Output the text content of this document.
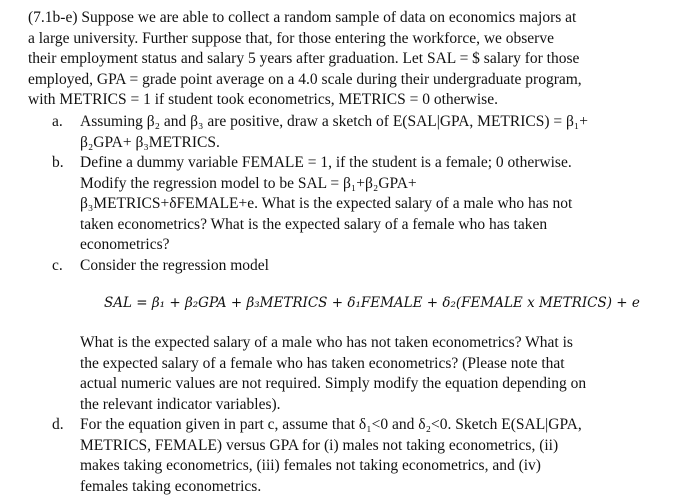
(7.1b-e) Suppose we are able to collect a random sample of data on economics majors at
a large university. Further suppose that, for those entering the workforce, we observe
their employment status and salary 5 years after graduation. Let SAL = $ salary for those
employed, GPA = grade point average on a 4.0 scale during their undergraduate program,
with METRICS = 1 if student took econometrics, METRICS = 0 otherwise.
a.	Assuming β₂ and β₃ are positive, draw a sketch of E(SAL|GPA, METRICS) = β₁+
β₂GPA+ β₃METRICS.
b.	Define a dummy variable FEMALE = 1, if the student is a female; 0 otherwise.
Modify the regression model to be SAL = β₁+β₂GPA+
β₃METRICS+δFEMALE+e. What is the expected salary of a male who has not
taken econometrics? What is the expected salary of a female who has taken
econometrics?
c.	Consider the regression model
SAL = β₁ + β₂GPA + β₃METRICS + δ₁FEMALE + δ₂(FEMALE x METRICS) + e
What is the expected salary of a male who has not taken econometrics? What is
the expected salary of a female who has taken econometrics? (Please note that
actual numeric values are not required. Simply modify the equation depending on
the relevant indicator variables).
d.	For the equation given in part c, assume that δ₁<0 and δ₂<0. Sketch E(SAL|GPA,
METRICS, FEMALE) versus GPA for (i) males not taking econometrics, (ii)
makes taking econometrics, (iii) females not taking econometrics, and (iv)
females taking econometrics.
